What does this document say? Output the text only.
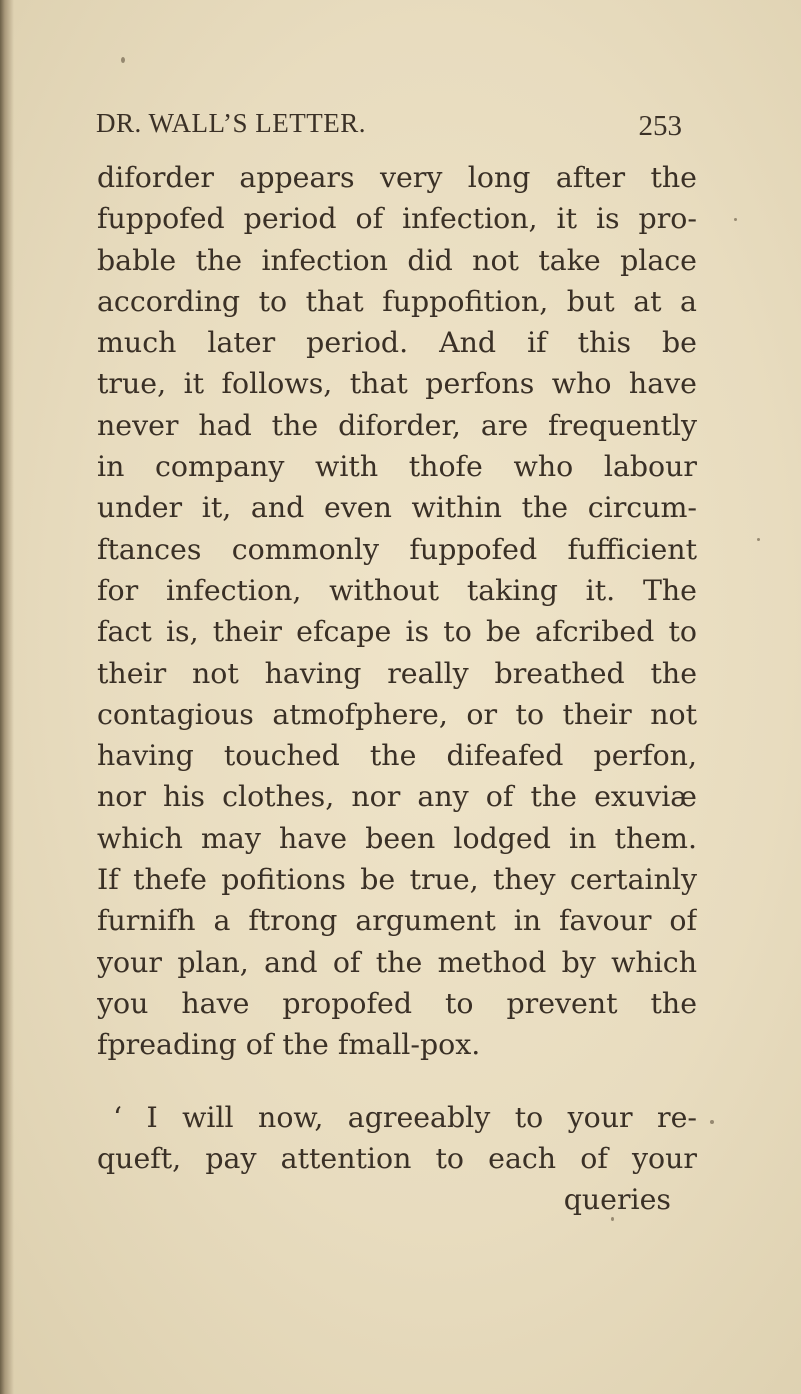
DR. WALL’S LETTER.	253
diforder appears very long after the
fuppofed period of infection, it is pro-
bable the infection did not take place
according to that fuppofition, but at a
much later period. And if this be
true, it follows, that perfons who have
never had the diforder, are frequently
in company with thofe who labour
under it, and even within the circum-
ftances commonly fuppofed fufficient
for infection, without taking it. The
fact is, their efcape is to be afcribed to
their not having really breathed the
contagious atmofphere, or to their not
having touched the difeafed perfon,
nor his clothes, nor any of the exuviæ
which may have been lodged in them.
If thefe pofitions be true, they certainly
furnifh a ftrong argument in favour of
your plan, and of the method by which
you have propofed to prevent the
fpreading of the fmall-pox.
‘ I will now, agreeably to your re-
queft, pay attention to each of your
queries
